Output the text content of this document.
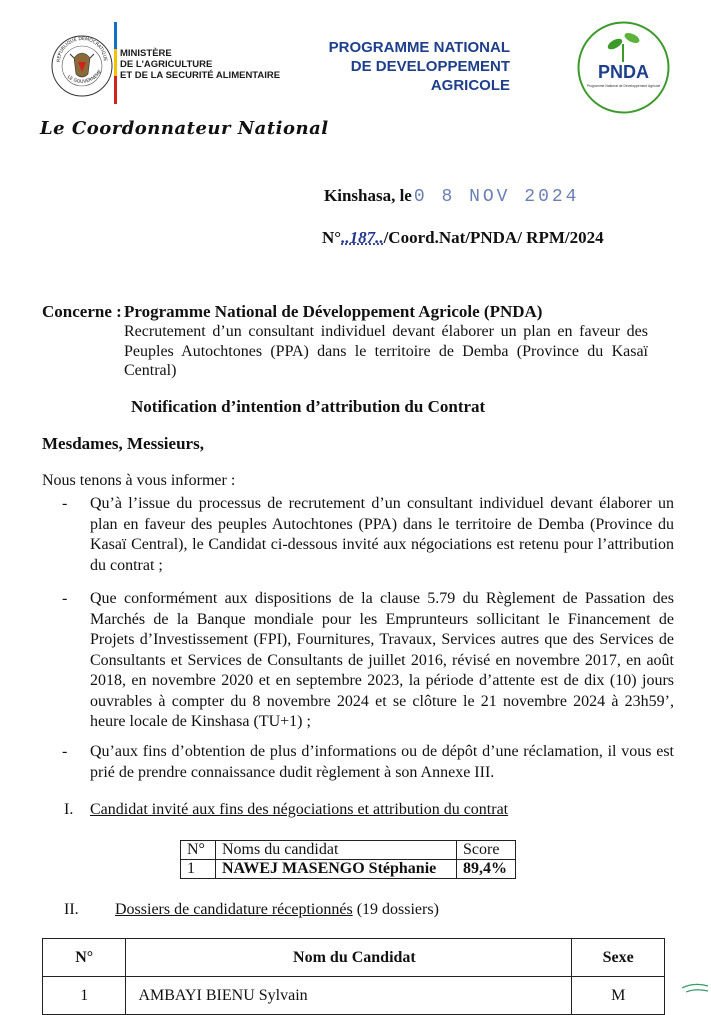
REPUBLIQUE DEMOCRATIQUE
LE GOUVERNEME
MINISTÈRE
DE L'AGRICULTURE
ET DE LA SECURITÉ ALIMENTAIRE
PROGRAMME NATIONAL
DE DEVELOPPEMENT
AGRICOLE
PNDA
Programme National de Développement Agricole
Le Coordonnateur National
Kinshasa, le 0 8 NOV 2024
N°..187../Coord.Nat/PNDA/ RPM/2024
Concerne : Programme National de Développement Agricole (PNDA)
Recrutement d’un consultant individuel devant élaborer un plan en faveur des Peuples Autochtones (PPA) dans le territoire de Demba (Province du Kasaï Central)
Notification d’intention d’attribution du Contrat
Mesdames, Messieurs,
Nous tenons à vous informer :
- Qu’à l’issue du processus de recrutement d’un consultant individuel devant élaborer un plan en faveur des peuples Autochtones (PPA) dans le territoire de Demba (Province du Kasaï Central), le Candidat ci-dessous invité aux négociations est retenu pour l’attribution du contrat ;
- Que conformément aux dispositions de la clause 5.79 du Règlement de Passation des Marchés de la Banque mondiale pour les Emprunteurs sollicitant le Financement de Projets d’Investissement (FPI), Fournitures, Travaux, Services autres que des Services de Consultants et Services de Consultants de juillet 2016, révisé en novembre 2017, en août 2018, en novembre 2020 et en septembre 2023, la période d’attente est de dix (10) jours ouvrables à compter du 8 novembre 2024 et se clôture le 21 novembre 2024 à 23h59’, heure locale de Kinshasa (TU+1) ;
- Qu’aux fins d’obtention de plus d’informations ou de dépôt d’une réclamation, il vous est prié de prendre connaissance dudit règlement à son Annexe III.
I. Candidat invité aux fins des négociations et attribution du contrat
N°	Noms du candidat	Score
1	NAWEJ MASENGO Stéphanie	89,4%
II. Dossiers de candidature réceptionnés (19 dossiers)
N°	Nom du Candidat	Sexe
1	AMBAYI BIENU Sylvain	M
